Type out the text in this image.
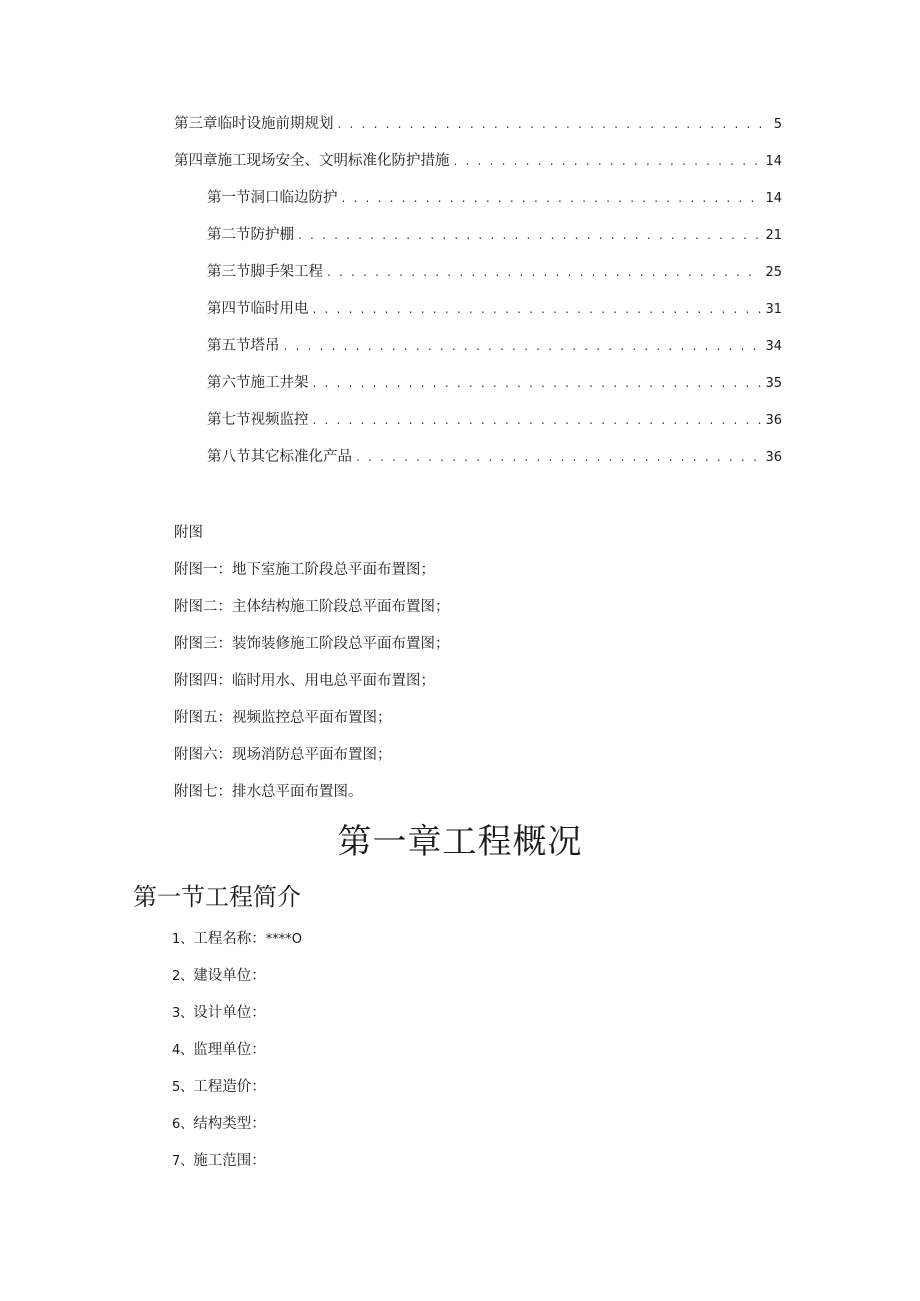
第三章临时设施前期规划 . . .	5
第四章施工现场安全、文明标准化防护措施 . . .	14
第一节洞口临边防护 . . .	14
第二节防护棚 . . .	21
第三节脚手架工程 . . .	25
第四节临时用电 . . .	31
第五节塔吊 . . .	34
第六节施工井架 . . .	35
第七节视频监控 . . .	36
第八节其它标准化产品 . . .	36
附图
附图一：地下室施工阶段总平面布置图；
附图二：主体结构施工阶段总平面布置图；
附图三：装饰装修施工阶段总平面布置图；
附图四：临时用水、用电总平面布置图；
附图五：视频监控总平面布置图；
附图六：现场消防总平面布置图；
附图七：排水总平面布置图。
第一章工程概况
第一节工程简介
1、工程名称：****O
2、建设单位：
3、设计单位：
4、监理单位：
5、工程造价：
6、结构类型：
7、施工范围：
